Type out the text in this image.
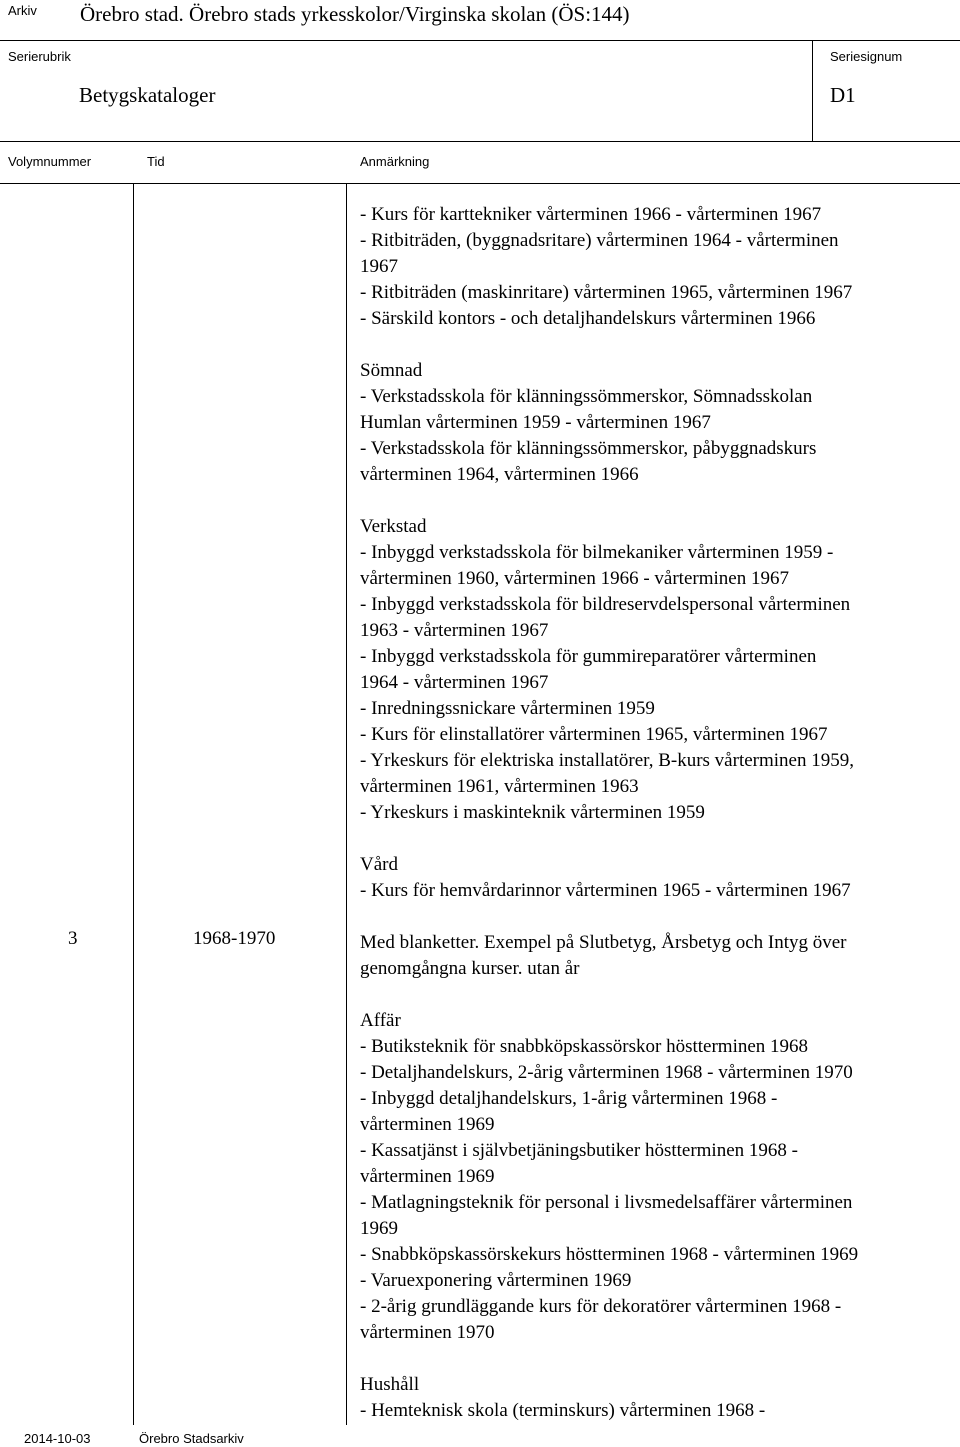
Arkiv Örebro stad. Örebro stads yrkesskolor/Virginska skolan (ÖS:144)
Serierubrik
Betygskataloger
Seriesignum
D1
Volymnummer	Tid	Anmärkning
3	1968-1970
- Kurs för karttekniker vårterminen 1966 - vårterminen 1967
- Ritbiträden, (byggnadsritare) vårterminen 1964 - vårterminen
1967
- Ritbiträden (maskinritare) vårterminen 1965, vårterminen 1967
- Särskild kontors - och detaljhandelskurs vårterminen 1966
Sömnad
- Verkstadsskola för klänningssömmerskor, Sömnadsskolan
Humlan vårterminen 1959 - vårterminen 1967
- Verkstadsskola för klänningssömmerskor, påbyggnadskurs
vårterminen 1964, vårterminen 1966
Verkstad
- Inbyggd verkstadsskola för bilmekaniker vårterminen 1959 -
vårterminen 1960, vårterminen 1966 - vårterminen 1967
- Inbyggd verkstadsskola för bildreservdelspersonal vårterminen
1963 - vårterminen 1967
- Inbyggd verkstadsskola för gummireparatörer vårterminen
1964 - vårterminen 1967
- Inredningssnickare vårterminen 1959
- Kurs för elinstallatörer vårterminen 1965, vårterminen 1967
- Yrkeskurs för elektriska installatörer, B-kurs vårterminen 1959,
vårterminen 1961, vårterminen 1963
- Yrkeskurs i maskinteknik vårterminen 1959
Vård
- Kurs för hemvårdarinnor vårterminen 1965 - vårterminen 1967
Med blanketter. Exempel på Slutbetyg, Årsbetyg och Intyg över
genomgångna kurser. utan år
Affär
- Butiksteknik för snabbköpskassörskor höstterminen 1968
- Detaljhandelskurs, 2-årig vårterminen 1968 - vårterminen 1970
- Inbyggd detaljhandelskurs, 1-årig vårterminen 1968 -
vårterminen 1969
- Kassatjänst i självbetjäningsbutiker höstterminen 1968 -
vårterminen 1969
- Matlagningsteknik för personal i livsmedelsaffärer vårterminen
1969
- Snabbköpskassörskekurs höstterminen 1968 - vårterminen 1969
- Varuexponering vårterminen 1969
- 2-årig grundläggande kurs för dekoratörer vårterminen 1968 -
vårterminen 1970
Hushåll
- Hemteknisk skola (terminskurs) vårterminen 1968 -
2014-10-03	Örebro Stadsarkiv
